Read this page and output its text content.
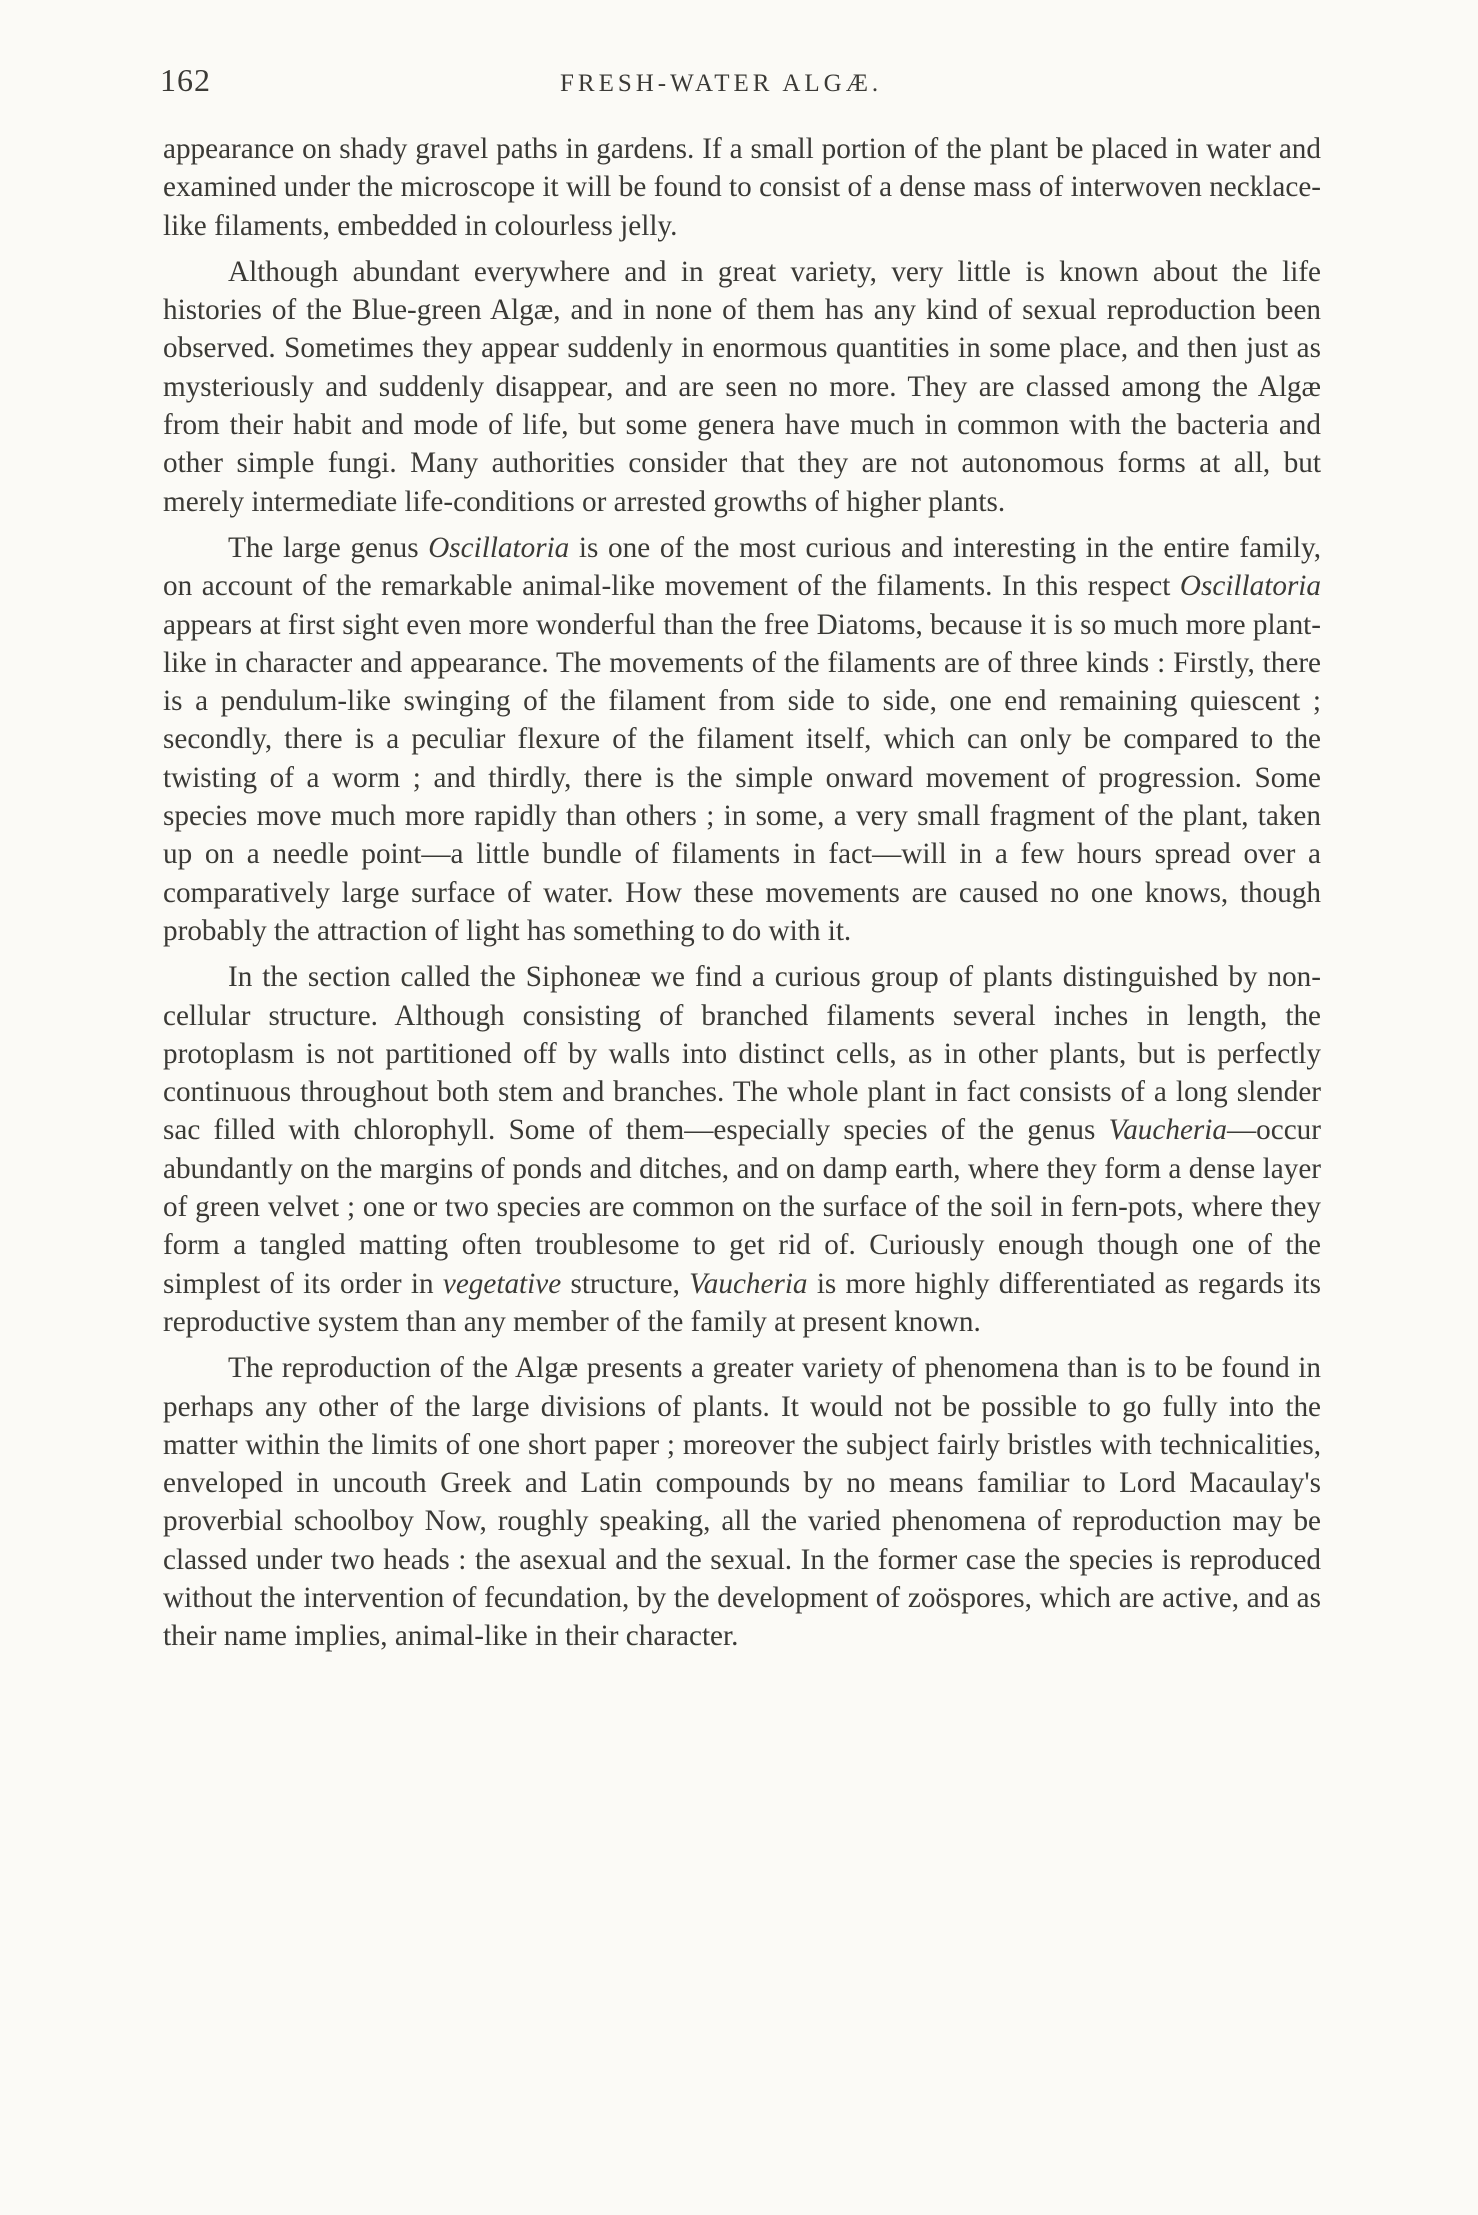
162	FRESH-WATER ALGÆ.

appearance on shady gravel paths in gardens. If a small portion of the plant be placed in water and examined under the microscope it will be found to consist of a dense mass of interwoven necklace-like filaments, embedded in colourless jelly.

Although abundant everywhere and in great variety, very little is known about the life histories of the Blue-green Algæ, and in none of them has any kind of sexual reproduction been observed. Sometimes they appear suddenly in enormous quantities in some place, and then just as mysteriously and suddenly disappear, and are seen no more. They are classed among the Algæ from their habit and mode of life, but some genera have much in common with the bacteria and other simple fungi. Many authorities consider that they are not autonomous forms at all, but merely intermediate life-conditions or arrested growths of higher plants.

The large genus Oscillatoria is one of the most curious and interesting in the entire family, on account of the remarkable animal-like movement of the filaments. In this respect Oscillatoria appears at first sight even more wonderful than the free Diatoms, because it is so much more plant-like in character and appearance. The movements of the filaments are of three kinds : Firstly, there is a pendulum-like swinging of the filament from side to side, one end remaining quiescent ; secondly, there is a peculiar flexure of the filament itself, which can only be compared to the twisting of a worm ; and thirdly, there is the simple onward movement of progression. Some species move much more rapidly than others ; in some, a very small fragment of the plant, taken up on a needle point—a little bundle of filaments in fact—will in a few hours spread over a comparatively large surface of water. How these movements are caused no one knows, though probably the attraction of light has something to do with it.

In the section called the Siphoneæ we find a curious group of plants distinguished by non-cellular structure. Although consisting of branched filaments several inches in length, the protoplasm is not partitioned off by walls into distinct cells, as in other plants, but is perfectly continuous throughout both stem and branches. The whole plant in fact consists of a long slender sac filled with chlorophyll. Some of them—especially species of the genus Vaucheria—occur abundantly on the margins of ponds and ditches, and on damp earth, where they form a dense layer of green velvet ; one or two species are common on the surface of the soil in fern-pots, where they form a tangled matting often troublesome to get rid of. Curiously enough though one of the simplest of its order in vegetative structure, Vaucheria is more highly differentiated as regards its reproductive system than any member of the family at present known.

The reproduction of the Algæ presents a greater variety of phenomena than is to be found in perhaps any other of the large divisions of plants. It would not be possible to go fully into the matter within the limits of one short paper ; moreover the subject fairly bristles with technicalities, enveloped in uncouth Greek and Latin compounds by no means familiar to Lord Macaulay's proverbial schoolboy Now, roughly speaking, all the varied phenomena of reproduction may be classed under two heads : the asexual and the sexual. In the former case the species is reproduced without the intervention of fecundation, by the development of zoöspores, which are active, and as their name implies, animal-like in their character.
